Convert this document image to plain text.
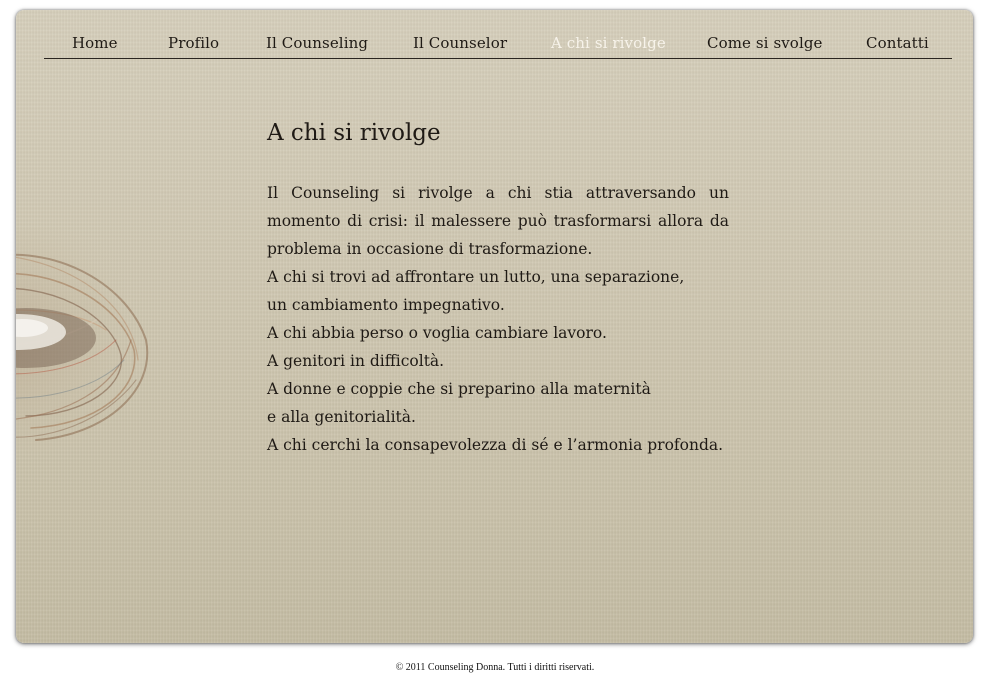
Home	Profilo	Il Counseling	Il Counselor	A chi si rivolge	Come si svolge	Contatti
A chi si rivolge
Il Counseling si rivolge a chi stia attraversando un
momento di crisi: il malessere può trasformarsi allora da
problema in occasione di trasformazione.
A chi si trovi ad affrontare un lutto, una separazione,
un cambiamento impegnativo.
A chi abbia perso o voglia cambiare lavoro.
A genitori in difficoltà.
A donne e coppie che si preparino alla maternità
e alla genitorialità.
A chi cerchi la consapevolezza di sé e l’armonia profonda.
© 2011 Counseling Donna. Tutti i diritti riservati.
